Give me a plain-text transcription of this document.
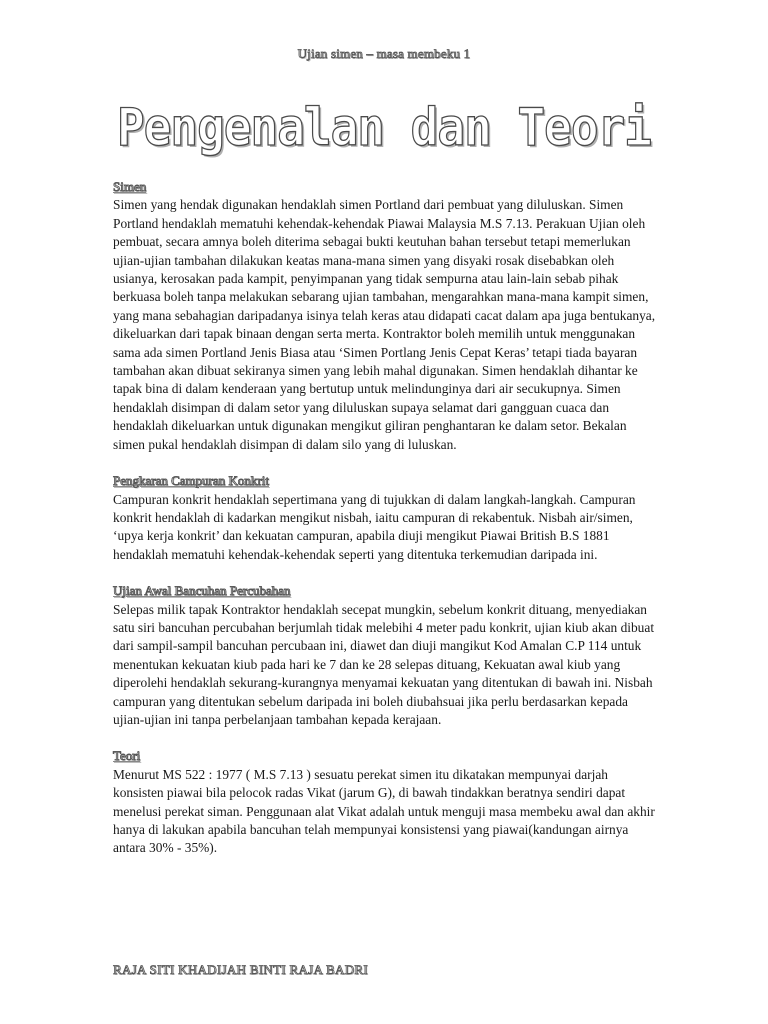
Ujian simen – masa membeku 1
Pengenalan dan Teori
Simen

Simen yang hendak digunakan hendaklah simen Portland dari pembuat yang diluluskan. Simen Portland hendaklah mematuhi kehendak-kehendak Piawai Malaysia M.S 7.13. Perakuan Ujian oleh pembuat, secara amnya boleh diterima sebagai bukti keutuhan bahan tersebut tetapi memerlukan ujian-ujian tambahan dilakukan keatas mana-mana simen yang disyaki rosak disebabkan oleh usianya, kerosakan pada kampit, penyimpanan yang tidak sempurna atau lain-lain sebab pihak berkuasa boleh tanpa melakukan sebarang ujian tambahan, mengarahkan mana-mana kampit simen, yang mana sebahagian daripadanya isinya telah keras atau didapati cacat dalam apa juga bentukanya, dikeluarkan dari tapak binaan dengan serta merta. Kontraktor boleh memilih untuk menggunakan sama ada simen Portland Jenis Biasa atau ‘Simen Portlang Jenis Cepat Keras’ tetapi tiada bayaran tambahan akan dibuat sekiranya simen yang lebih mahal digunakan. Simen hendaklah dihantar ke tapak bina di dalam kenderaan yang bertutup untuk melindunginya dari air secukupnya. Simen hendaklah disimpan di dalam setor yang diluluskan supaya selamat dari gangguan cuaca dan hendaklah dikeluarkan untuk digunakan mengikut giliran penghantaran ke dalam setor. Bekalan simen pukal hendaklah disimpan di dalam silo yang di luluskan.

Pengkaran Campuran Konkrit

Campuran konkrit hendaklah sepertimana yang di tujukkan di dalam langkah-langkah. Campuran konkrit hendaklah di kadarkan mengikut nisbah, iaitu campuran di rekabentuk. Nisbah air/simen, ‘upya kerja konkrit’ dan kekuatan campuran, apabila diuji mengikut Piawai British B.S 1881 hendaklah mematuhi kehendak-kehendak seperti yang ditentuka terkemudian daripada ini.

Ujian Awal Bancuhan Percubahan

Selepas milik tapak Kontraktor hendaklah secepat mungkin, sebelum konkrit dituang, menyediakan satu siri bancuhan percubahan berjumlah tidak melebihi 4 meter padu konkrit, ujian kiub akan dibuat dari sampil-sampil bancuhan percubaan ini, diawet dan diuji mangikut Kod Amalan C.P 114 untuk menentukan kekuatan kiub pada hari ke 7 dan ke 28 selepas dituang, Kekuatan awal kiub yang diperolehi hendaklah sekurang-kurangnya menyamai kekuatan yang ditentukan di bawah ini. Nisbah campuran yang ditentukan sebelum daripada ini boleh diubahsuai jika perlu berdasarkan kepada ujian-ujian ini tanpa perbelanjaan tambahan kepada kerajaan.

Teori

Menurut MS 522 : 1977 ( M.S 7.13 ) sesuatu perekat simen itu dikatakan mempunyai darjah konsisten piawai bila pelocok radas Vikat (jarum G), di bawah tindakkan beratnya sendiri dapat menelusi perekat siman. Penggunaan alat Vikat adalah untuk menguji masa membeku awal dan akhir hanya di lakukan apabila bancuhan telah mempunyai konsistensi yang piawai(kandungan airnya antara 30% - 35%).

RAJA SITI KHADIJAH BINTI RAJA BADRI
